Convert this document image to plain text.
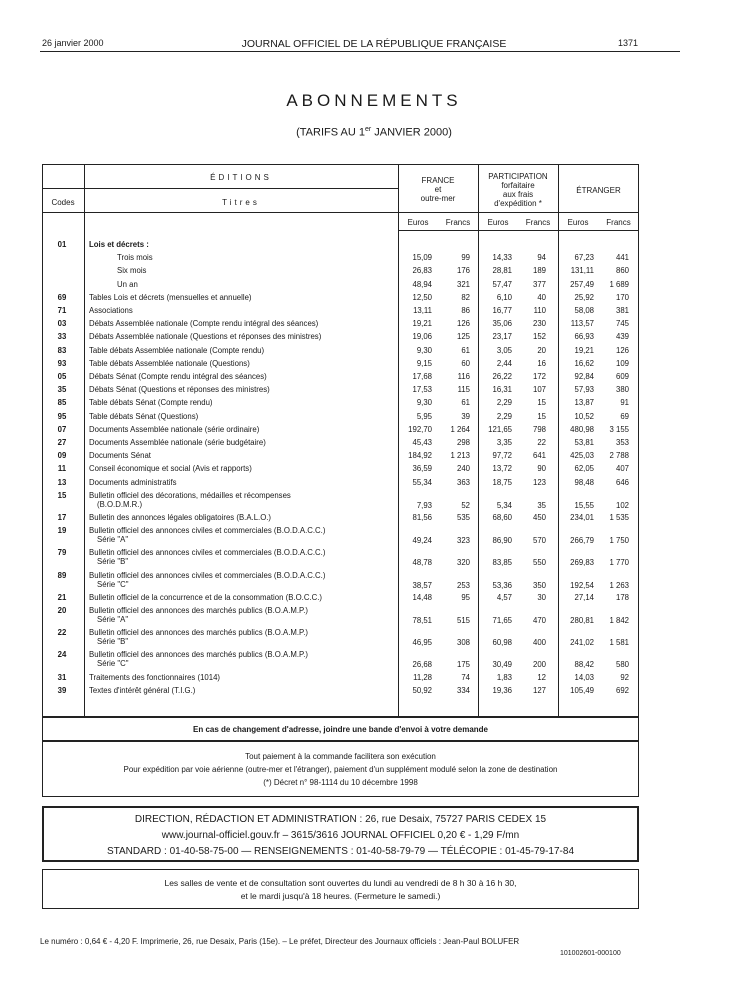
26 janvier 2000	JOURNAL OFFICIEL DE LA RÉPUBLIQUE FRANÇAISE	1371
ABONNEMENTS
(TARIFS AU 1er JANVIER 2000)
ÉDITIONS
Codes	Titres
FRANCE
et
outre-mer
PARTICIPATION
forfaitaire
aux frais
d'expédition *
ÉTRANGER
Euros	Francs	Euros	Francs	Euros	Francs
01	Lois et décrets :
Trois mois	15,09	99	14,33	94	67,23	441
Six mois	26,83	176	28,81	189	131,11	860
Un an	48,94	321	57,47	377	257,49	1 689
69	Tables Lois et décrets (mensuelles et annuelle)	12,50	82	6,10	40	25,92	170
71	Associations	13,11	86	16,77	110	58,08	381
03	Débats Assemblée nationale (Compte rendu intégral des séances)	19,21	126	35,06	230	113,57	745
33	Débats Assemblée nationale (Questions et réponses des ministres)	19,06	125	23,17	152	66,93	439
83	Table débats Assemblée nationale (Compte rendu)	9,30	61	3,05	20	19,21	126
93	Table débats Assemblée nationale (Questions)	9,15	60	2,44	16	16,62	109
05	Débats Sénat (Compte rendu intégral des séances)	17,68	116	26,22	172	92,84	609
35	Débats Sénat (Questions et réponses des ministres)	17,53	115	16,31	107	57,93	380
85	Table débats Sénat (Compte rendu)	9,30	61	2,29	15	13,87	91
95	Table débats Sénat (Questions)	5,95	39	2,29	15	10,52	69
07	Documents Assemblée nationale (série ordinaire)	192,70	1 264	121,65	798	480,98	3 155
27	Documents Assemblée nationale (série budgétaire)	45,43	298	3,35	22	53,81	353
09	Documents Sénat	184,92	1 213	97,72	641	425,03	2 788
11	Conseil économique et social (Avis et rapports)	36,59	240	13,72	90	62,05	407
13	Documents administratifs	55,34	363	18,75	123	98,48	646
15	Bulletin officiel des décorations, médailles et récompenses
(B.O.D.M.R.)	7,93	52	5,34	35	15,55	102
17	Bulletin des annonces légales obligatoires (B.A.L.O.)	81,56	535	68,60	450	234,01	1 535
19	Bulletin officiel des annonces civiles et commerciales (B.O.D.A.C.C.)
Série "A"	49,24	323	86,90	570	266,79	1 750
79	Bulletin officiel des annonces civiles et commerciales (B.O.D.A.C.C.)
Série "B"	48,78	320	83,85	550	269,83	1 770
89	Bulletin officiel des annonces civiles et commerciales (B.O.D.A.C.C.)
Série "C"	38,57	253	53,36	350	192,54	1 263
21	Bulletin officiel de la concurrence et de la consommation (B.O.C.C.)	14,48	95	4,57	30	27,14	178
20	Bulletin officiel des annonces des marchés publics (B.O.A.M.P.)
Série "A"	78,51	515	71,65	470	280,81	1 842
22	Bulletin officiel des annonces des marchés publics (B.O.A.M.P.)
Série "B"	46,95	308	60,98	400	241,02	1 581
24	Bulletin officiel des annonces des marchés publics (B.O.A.M.P.)
Série "C"	26,68	175	30,49	200	88,42	580
31	Traitements des fonctionnaires (1014)	11,28	74	1,83	12	14,03	92
39	Textes d'intérêt général (T.I.G.)	50,92	334	19,36	127	105,49	692
En cas de changement d'adresse, joindre une bande d'envoi à votre demande
Tout paiement à la commande facilitera son exécution
Pour expédition par voie aérienne (outre-mer et l'étranger), paiement d'un supplément modulé selon la zone de destination
(*) Décret n° 98-1114 du 10 décembre 1998
DIRECTION, RÉDACTION ET ADMINISTRATION : 26, rue Desaix, 75727 PARIS CEDEX 15
www.journal-officiel.gouv.fr – 3615/3616 JOURNAL OFFICIEL 0,20 € - 1,29 F/mn
STANDARD : 01-40-58-75-00 — RENSEIGNEMENTS : 01-40-58-79-79 — TÉLÉCOPIE : 01-45-79-17-84
Les salles de vente et de consultation sont ouvertes du lundi au vendredi de 8 h 30 à 16 h 30,
et le mardi jusqu'à 18 heures. (Fermeture le samedi.)
Le numéro : 0,64 € - 4,20 F. Imprimerie, 26, rue Desaix, Paris (15e). – Le préfet, Directeur des Journaux officiels : Jean-Paul BOLUFER
101002601-000100
